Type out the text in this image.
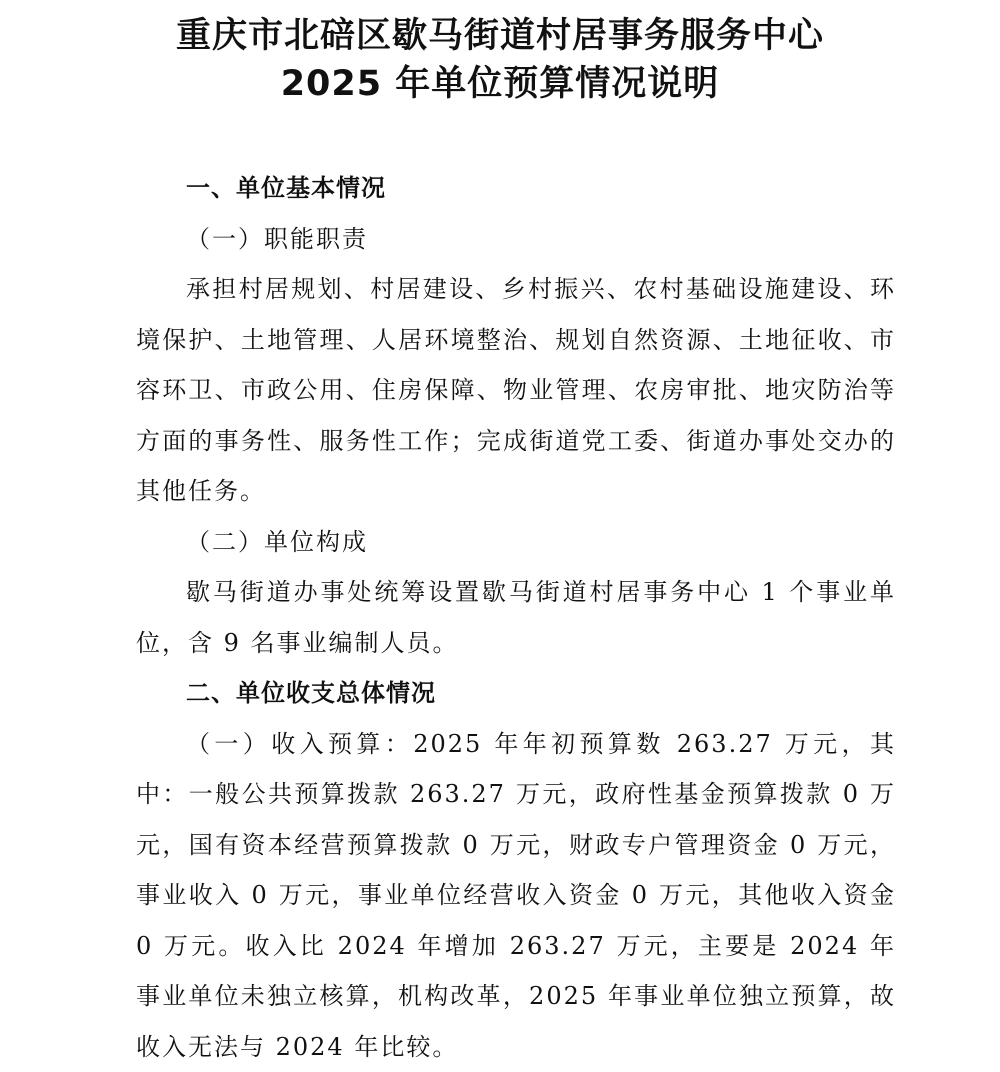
重庆市北碚区歇马街道村居事务服务中心
2025 年单位预算情况说明

一、单位基本情况

（一）职能职责

承担村居规划、村居建设、乡村振兴、农村基础设施建设、环境保护、土地管理、人居环境整治、规划自然资源、土地征收、市容环卫、市政公用、住房保障、物业管理、农房审批、地灾防治等方面的事务性、服务性工作；完成街道党工委、街道办事处交办的其他任务。

（二）单位构成

歇马街道办事处统筹设置歇马街道村居事务中心 1 个事业单位，含 9 名事业编制人员。

二、单位收支总体情况

（一）收入预算：2025 年年初预算数 263.27 万元，其中：一般公共预算拨款 263.27 万元，政府性基金预算拨款 0 万元，国有资本经营预算拨款 0 万元，财政专户管理资金 0 万元，事业收入 0 万元，事业单位经营收入资金 0 万元，其他收入资金 0 万元。收入比 2024 年增加 263.27 万元，主要是 2024 年事业单位未独立核算，机构改革，2025 年事业单位独立预算，故收入无法与 2024 年比较。
